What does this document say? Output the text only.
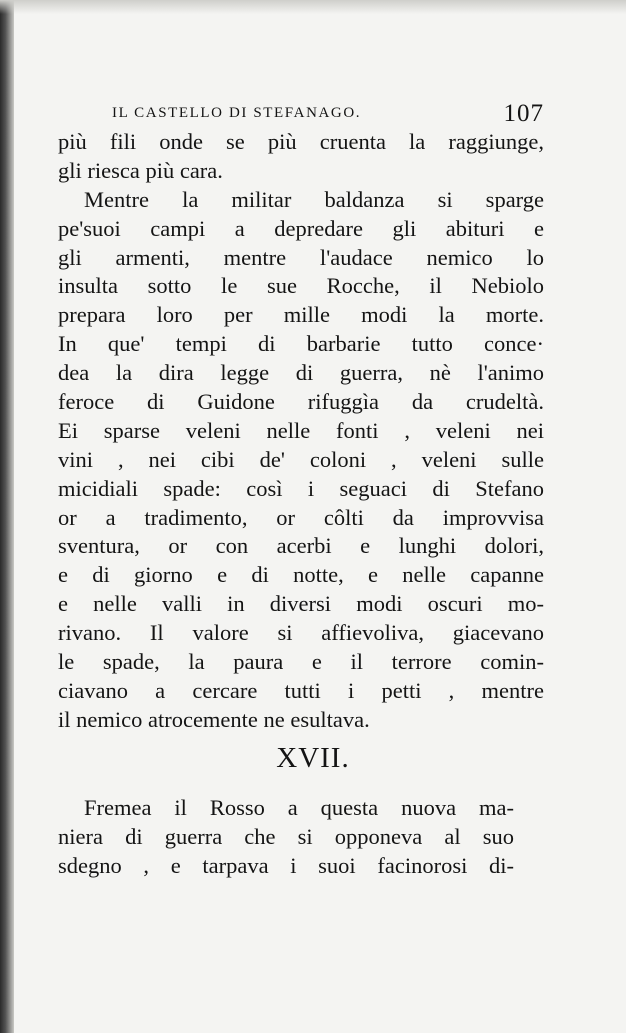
IL CASTELLO DI STEFANAGO.	107
più fili onde se più cruenta la raggiunge,
gli riesca più cara.
Mentre la militar baldanza si sparge
pe'suoi campi a depredare gli abituri e
gli armenti, mentre l'audace nemico lo
insulta sotto le sue Rocche, il Nebiolo
prepara loro per mille modi la morte.
In que' tempi di barbarie tutto conce·
dea la dira legge di guerra, nè l'animo
feroce di Guidone rifuggìa da crudeltà.
Ei sparse veleni nelle fonti , veleni nei
vini , nei cibi de' coloni , veleni sulle
micidiali spade: così i seguaci di Stefano
or a tradimento, or côlti da improvvisa
sventura, or con acerbi e lunghi dolori,
e di giorno e di notte, e nelle capanne
e nelle valli in diversi modi oscuri mo-
rivano. Il valore si affievoliva, giacevano
le spade, la paura e il terrore comin-
ciavano a cercare tutti i petti , mentre
il nemico atrocemente ne esultava.
XVII.
Fremea il Rosso a questa nuova ma-
niera di guerra che si opponeva al suo
sdegno , e tarpava i suoi facinorosi di-
